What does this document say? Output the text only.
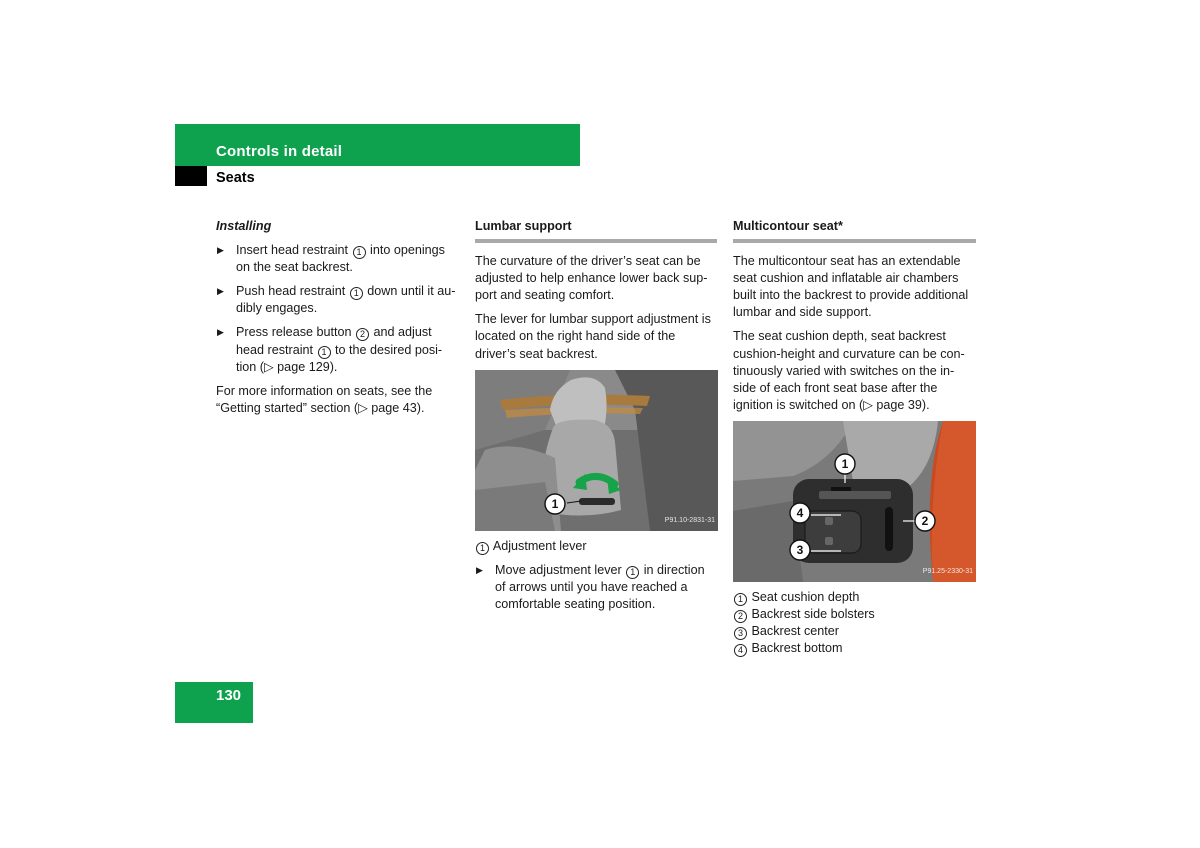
Controls in detail
Seats
Installing
▶ Insert head restraint 1 into openings on the seat backrest.
▶ Push head restraint 1 down until it au-dibly engages.
▶ Press release button 2 and adjust head restraint 1 to the desired posi-tion (▷ page 129).

For more information on seats, see the “Getting started” section (▷ page 43).

Lumbar support

The curvature of the driver’s seat can be adjusted to help enhance lower back sup-port and seating comfort.

The lever for lumbar support adjustment is located on the right hand side of the driver’s seat backrest.

1
P91.10-2831-31
1 Adjustment lever
▶ Move adjustment lever 1 in direction of arrows until you have reached a comfortable seating position.
Multicontour seat*

The multicontour seat has an extendable seat cushion and inflatable air chambers built into the backrest to provide additional lumbar and side support.

The seat cushion depth, seat backrest cushion-height and curvature can be con-tinuously varied with switches on the in-side of each front seat base after the ignition is switched on (▷ page 39).

1
2
3
4
P91.25-2330-31
1 Seat cushion depth
2 Backrest side bolsters
3 Backrest center
4 Backrest bottom
130
